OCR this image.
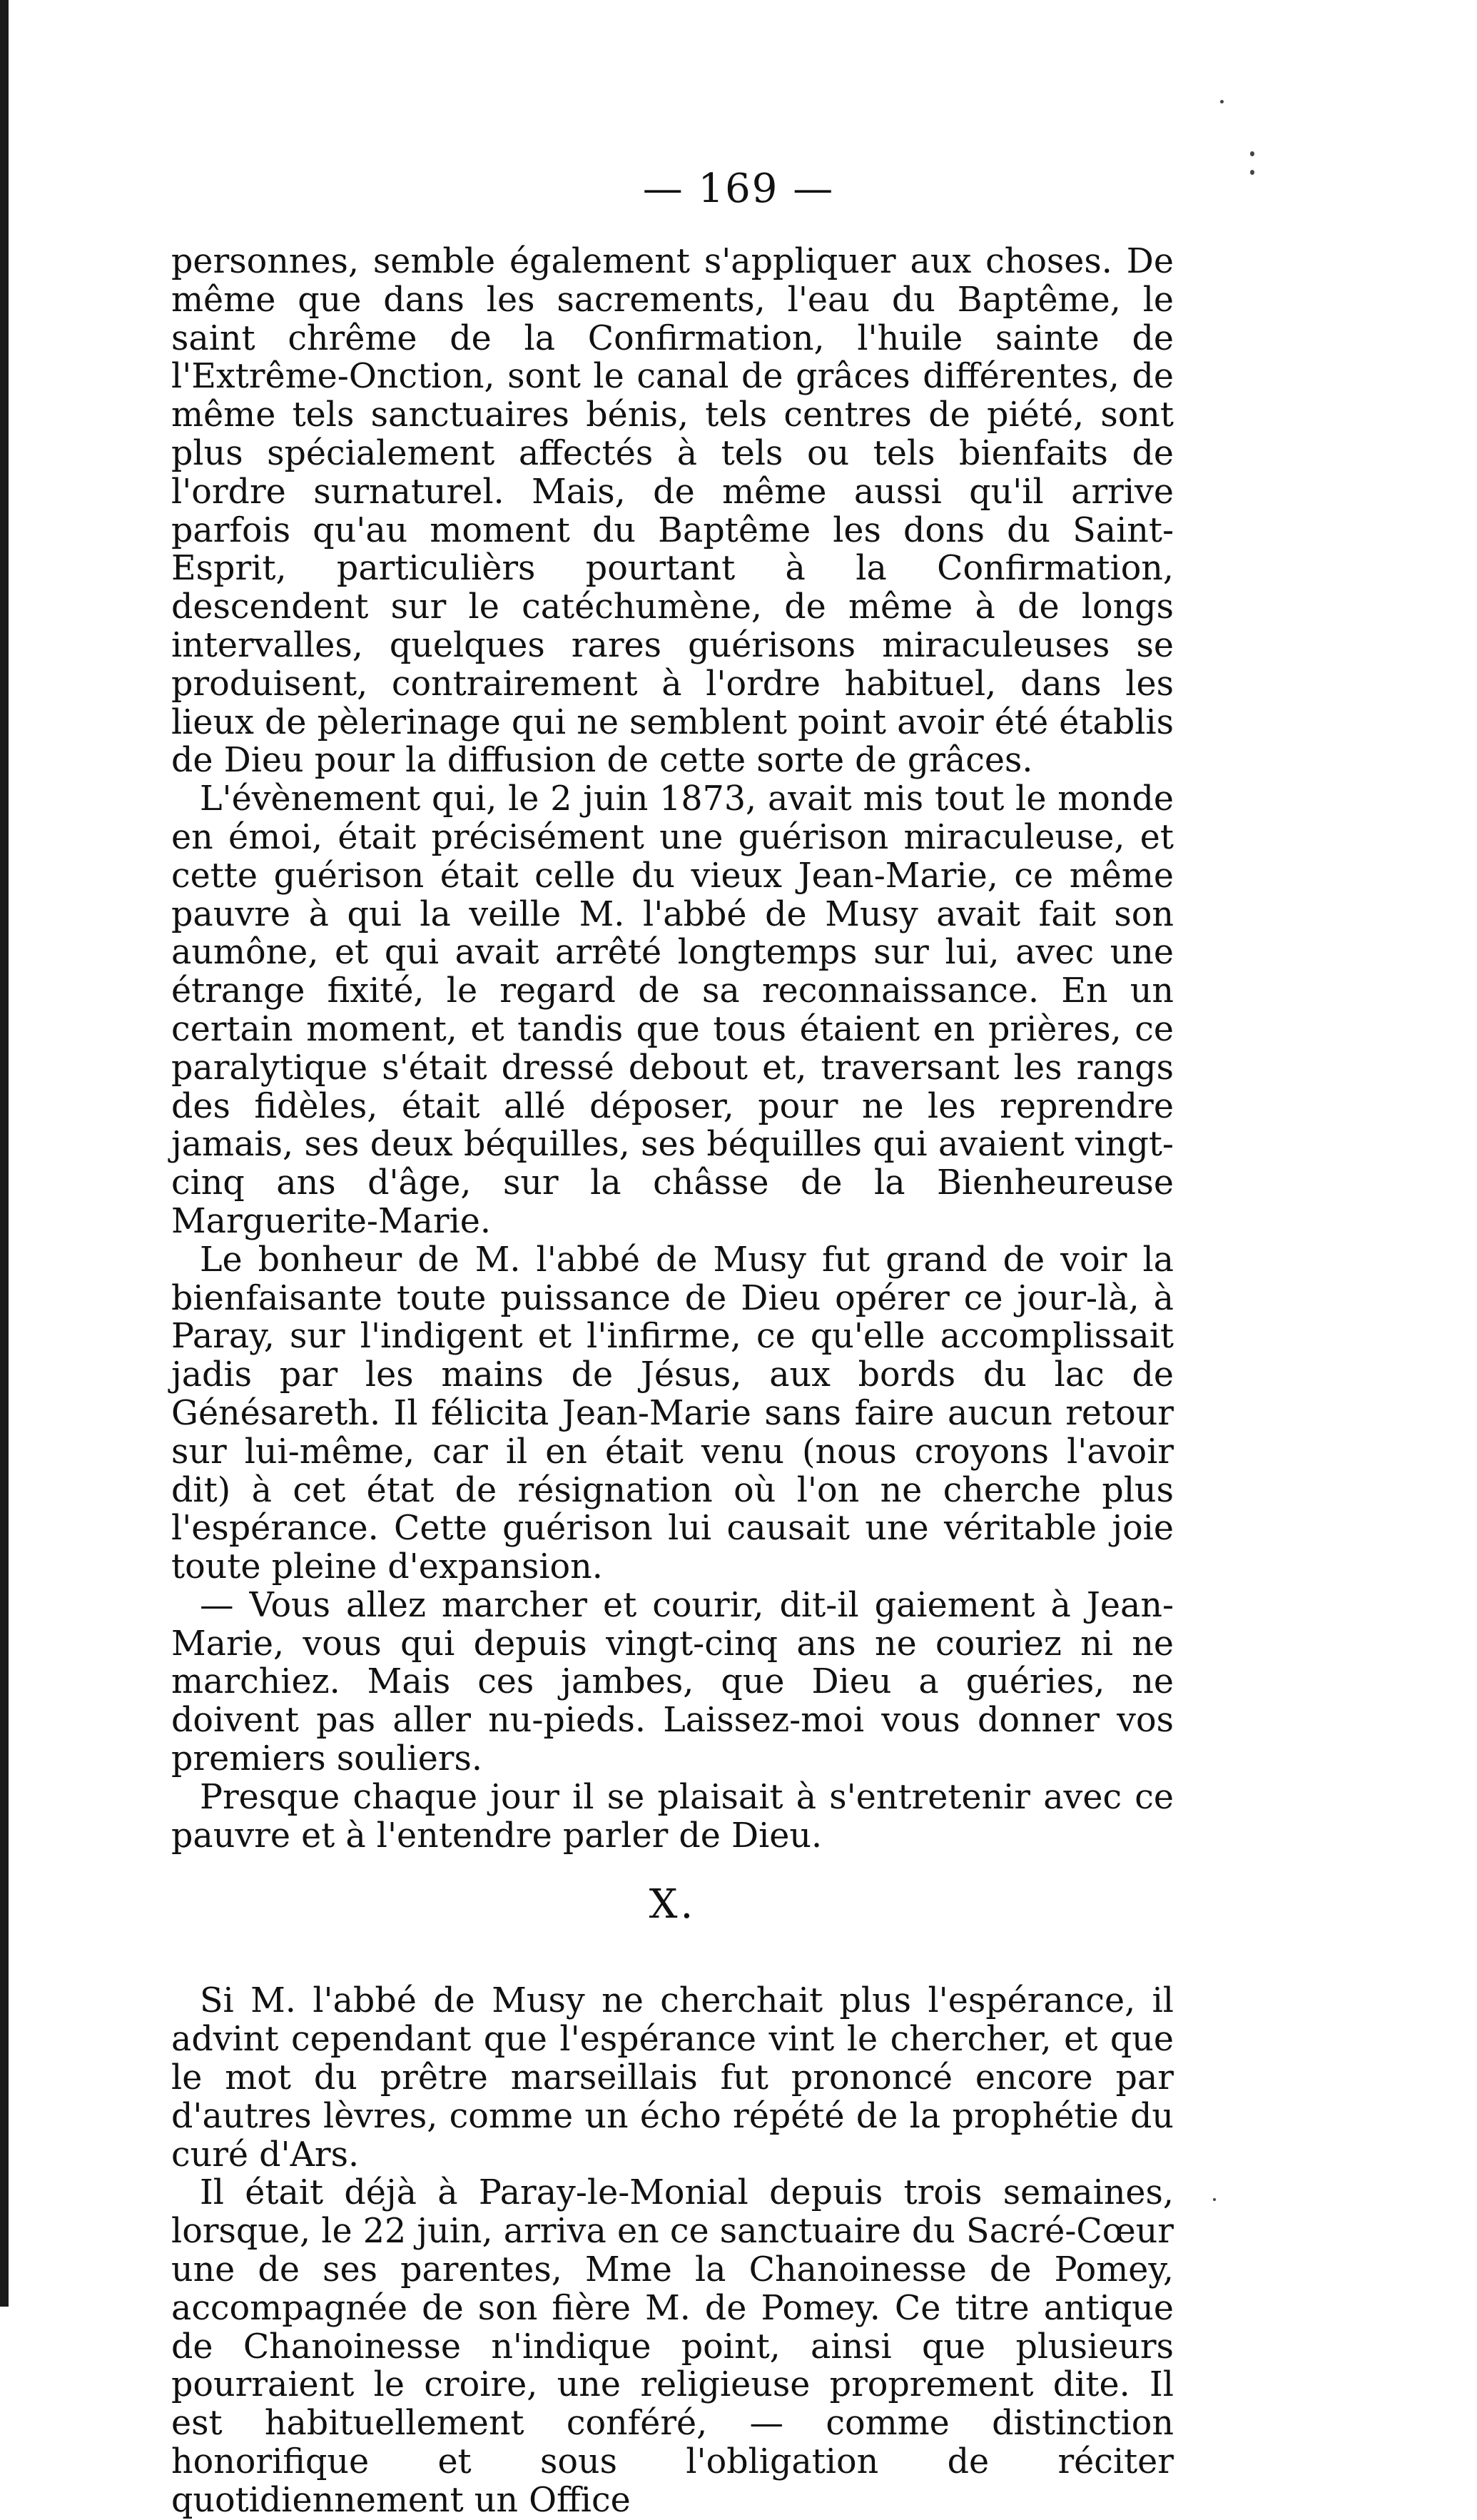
— 169 —

personnes, semble également s'appliquer aux choses. De même que dans les sacrements, l'eau du Baptême, le saint chrême de la Confirmation, l'huile sainte de l'Extrême-Onction, sont le canal de grâces différentes, de même tels sanctuaires bénis, tels centres de piété, sont plus spécialement affectés à tels ou tels bienfaits de l'ordre surnaturel. Mais, de même aussi qu'il arrive parfois qu'au moment du Baptême les dons du Saint-Esprit, particulièrs pourtant à la Confirmation, descendent sur le catéchumène, de même à de longs intervalles, quelques rares guérisons miraculeuses se produisent, contrairement à l'ordre habituel, dans les lieux de pèlerinage qui ne semblent point avoir été établis de Dieu pour la diffusion de cette sorte de grâces.

L'évènement qui, le 2 juin 1873, avait mis tout le monde en émoi, était précisément une guérison miraculeuse, et cette guérison était celle du vieux Jean-Marie, ce même pauvre à qui la veille M. l'abbé de Musy avait fait son aumône, et qui avait arrêté longtemps sur lui, avec une étrange fixité, le regard de sa reconnaissance. En un certain moment, et tandis que tous étaient en prières, ce paralytique s'était dressé debout et, traversant les rangs des fidèles, était allé déposer, pour ne les reprendre jamais, ses deux béquilles, ses béquilles qui avaient vingt-cinq ans d'âge, sur la châsse de la Bienheureuse Marguerite-Marie.

Le bonheur de M. l'abbé de Musy fut grand de voir la bienfaisante toute puissance de Dieu opérer ce jour-là, à Paray, sur l'indigent et l'infirme, ce qu'elle accomplissait jadis par les mains de Jésus, aux bords du lac de Génésareth. Il félicita Jean-Marie sans faire aucun retour sur lui-même, car il en était venu (nous croyons l'avoir dit) à cet état de résignation où l'on ne cherche plus l'espérance. Cette guérison lui causait une véritable joie toute pleine d'expansion.

— Vous allez marcher et courir, dit-il gaiement à Jean-Marie, vous qui depuis vingt-cinq ans ne couriez ni ne marchiez. Mais ces jambes, que Dieu a guéries, ne doivent pas aller nu-pieds. Laissez-moi vous donner vos premiers souliers.

Presque chaque jour il se plaisait à s'entretenir avec ce pauvre et à l'entendre parler de Dieu.

X.

Si M. l'abbé de Musy ne cherchait plus l'espérance, il advint cependant que l'espérance vint le chercher, et que le mot du prêtre marseillais fut prononcé encore par d'autres lèvres, comme un écho répété de la prophétie du curé d'Ars.

Il était déjà à Paray-le-Monial depuis trois semaines, lorsque, le 22 juin, arriva en ce sanctuaire du Sacré-Cœur une de ses parentes, Mme la Chanoinesse de Pomey, accompagnée de son fière M. de Pomey. Ce titre antique de Chanoinesse n'indique point, ainsi que plusieurs pourraient le croire, une religieuse proprement dite. Il est habituellement conféré, — comme distinction honorifique et sous l'obligation de réciter quotidiennement un Office
